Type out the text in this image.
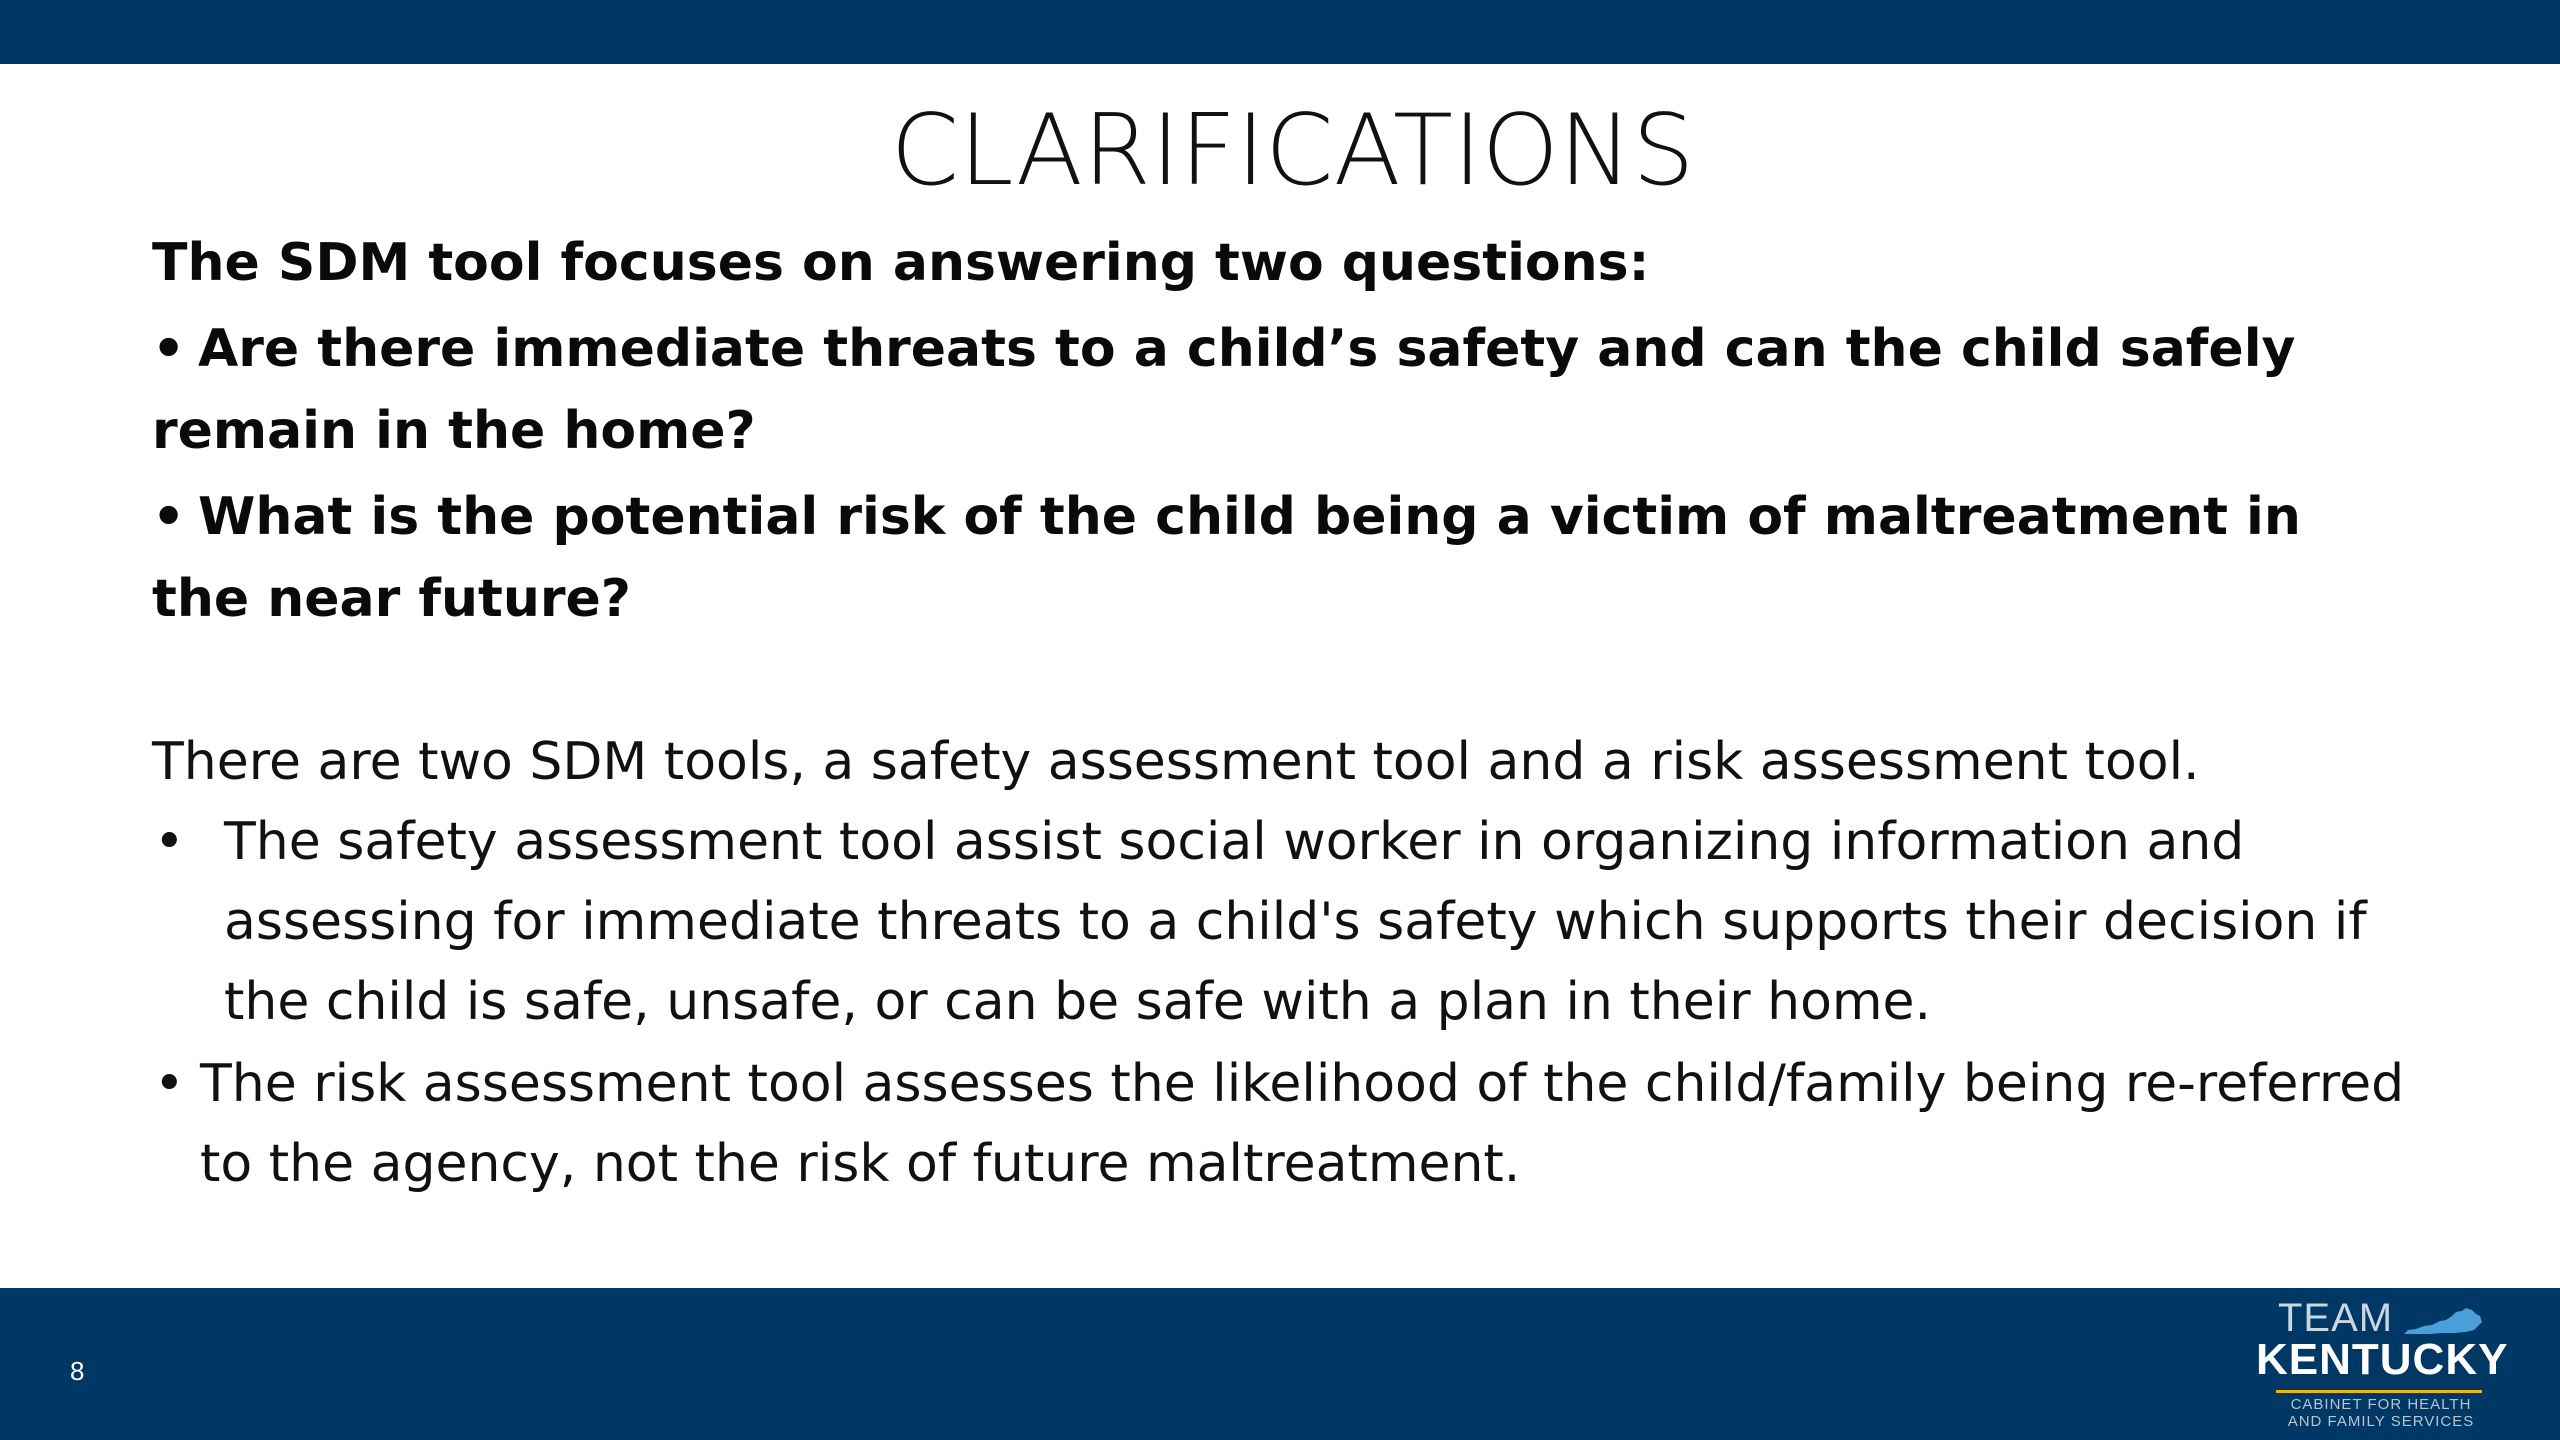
CLARIFICATIONS

The SDM tool focuses on answering two questions:

• Are there immediate threats to a child’s safety and can the child safely remain in the home?

• What is the potential risk of the child being a victim of maltreatment in the near future?

There are two SDM tools, a safety assessment tool and a risk assessment tool.

• The safety assessment tool assist social worker in organizing information and assessing for immediate threats to a child's safety which supports their decision if the child is safe, unsafe, or can be safe with a plan in their home.

• The risk assessment tool assesses the likelihood of the child/family being re-referred to the agency, not the risk of future maltreatment.

8
TEAM
KENTUCKY
CABINET FOR HEALTH
AND FAMILY SERVICES
